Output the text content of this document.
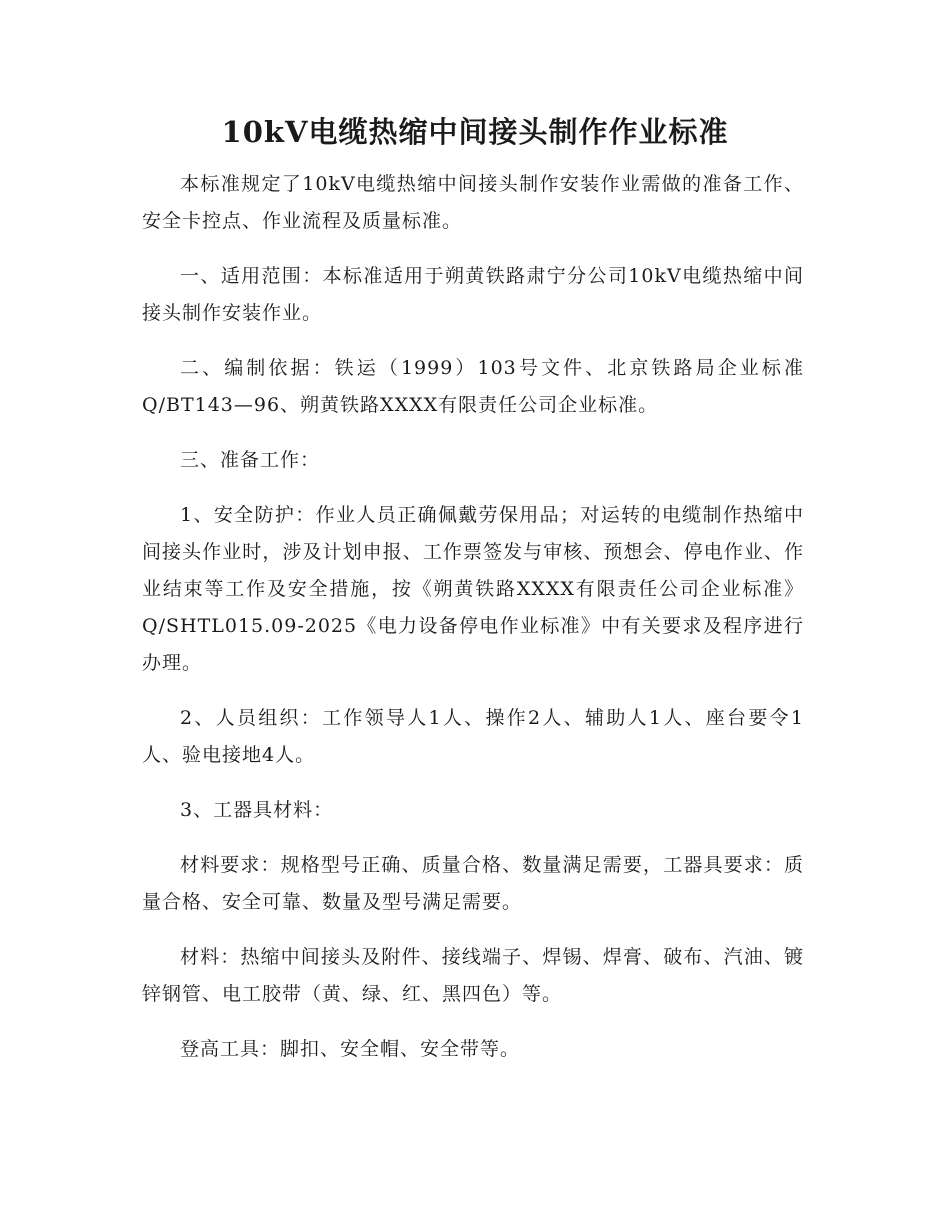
10kV电缆热缩中间接头制作作业标准

本标准规定了10kV电缆热缩中间接头制作安装作业需做的准备工作、安全卡控点、作业流程及质量标准。

一、适用范围：本标准适用于朔黄铁路肃宁分公司10kV电缆热缩中间接头制作安装作业。

二、编制依据：铁运（1999）103号文件、北京铁路局企业标准Q/BT143—96、朔黄铁路XXXX有限责任公司企业标准。

三、准备工作：

1、安全防护：作业人员正确佩戴劳保用品；对运转的电缆制作热缩中间接头作业时，涉及计划申报、工作票签发与审核、预想会、停电作业、作业结束等工作及安全措施，按《朔黄铁路XXXX有限责任公司企业标准》Q/SHTL015.09-2025《电力设备停电作业标准》中有关要求及程序进行办理。

2、人员组织：工作领导人1人、操作2人、辅助人1人、座台要令1人、验电接地4人。

3、工器具材料：

材料要求：规格型号正确、质量合格、数量满足需要，工器具要求：质量合格、安全可靠、数量及型号满足需要。

材料：热缩中间接头及附件、接线端子、焊锡、焊膏、破布、汽油、镀锌钢管、电工胶带（黄、绿、红、黑四色）等。

登高工具：脚扣、安全帽、安全带等。
